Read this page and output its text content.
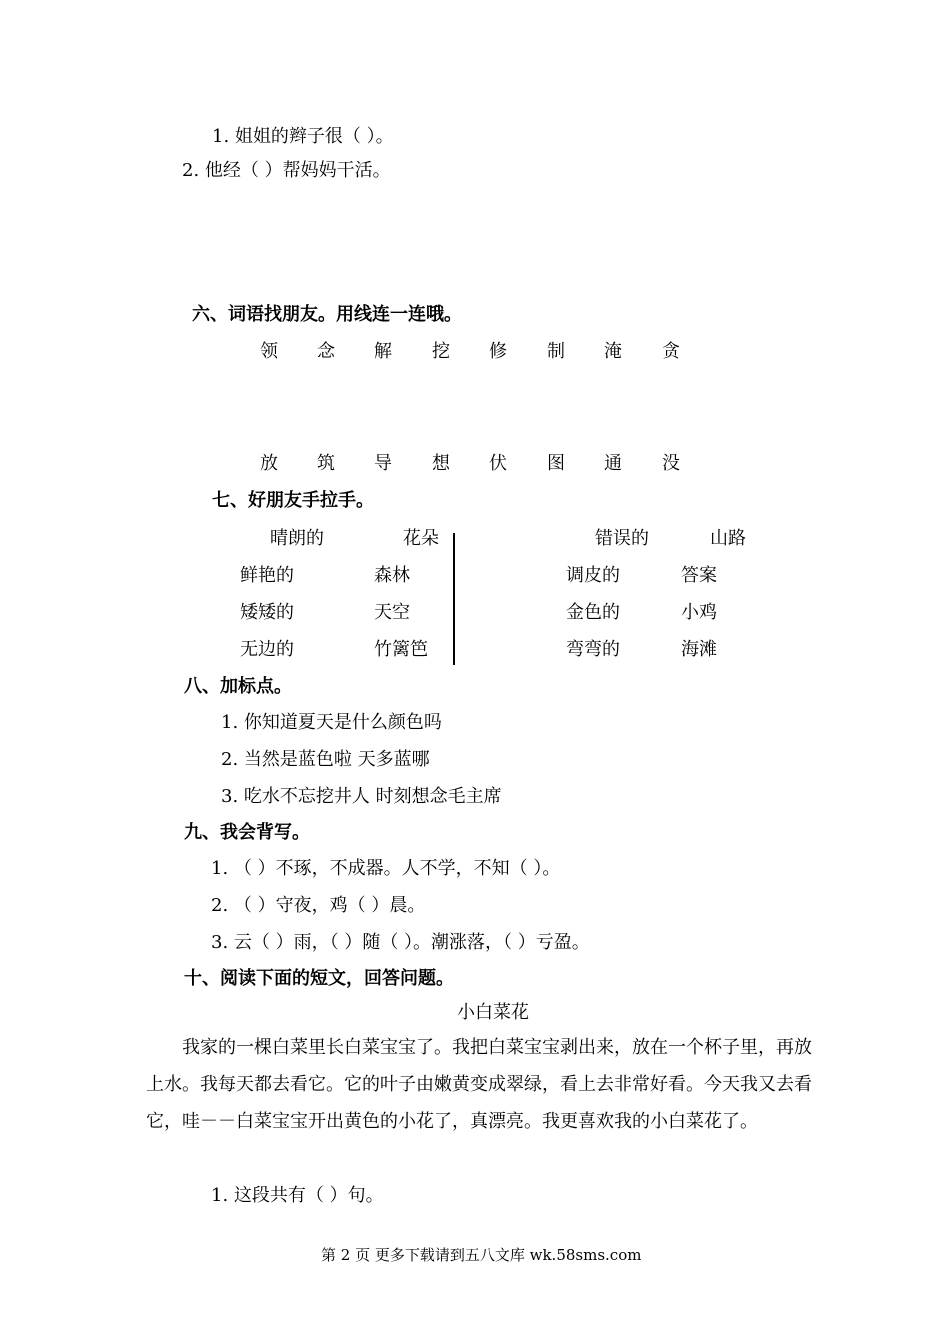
1. 姐姐的辫子很（ ）。
2. 他经（ ）帮妈妈干活。
六、词语找朋友。用线连一连哦。
领 念 解 挖 修 制 淹 贪
放 筑 导 想 伏 图 通 没
七、好朋友手拉手。
晴朗的	花朵
鲜艳的	森林
矮矮的	天空
无边的	竹篱笆
错误的	山路
调皮的	答案
金色的	小鸡
弯弯的	海滩
八、加标点。
1. 你知道夏天是什么颜色吗
2. 当然是蓝色啦 天多蓝哪
3. 吃水不忘挖井人 时刻想念毛主席
九、我会背写。
1. （ ）不琢，不成器。人不学，不知（ ）。
2. （ ）守夜，鸡（ ）晨。
3. 云（ ）雨，（ ）随（ ）。潮涨落，（ ）亏盈。
十、阅读下面的短文，回答问题。
小白菜花
我家的一棵白菜里长白菜宝宝了。我把白菜宝宝剥出来，放在一个杯子里，再放上水。我每天都去看它。它的叶子由嫩黄变成翠绿，看上去非常好看。今天我又去看它，哇－－白菜宝宝开出黄色的小花了，真漂亮。我更喜欢我的小白菜花了。
1. 这段共有（ ）句。
第 2 页 更多下载请到五八文库 wk.58sms.com
